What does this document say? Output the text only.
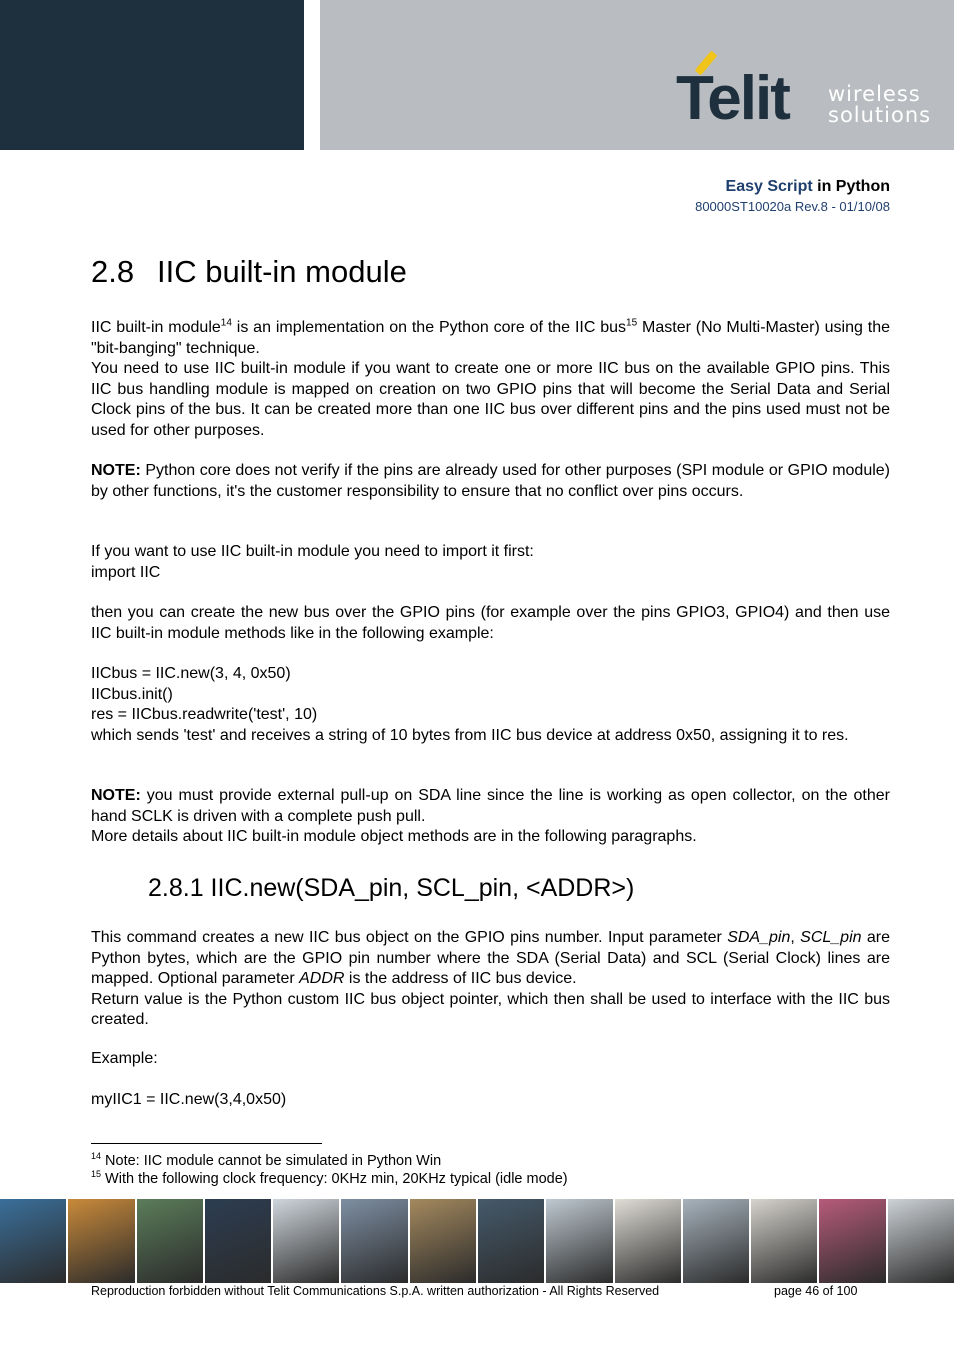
Telit wireless
solutions
Easy Script in Python
80000ST10020a Rev.8 - 01/10/08
2.8 IIC built-in module
IIC built-in module$^{14}$ is an implementation on the Python core of the IIC bus$^{15}$ Master (No Multi-Master) using the "bit-banging" technique.
You need to use IIC built-in module if you want to create one or more IIC bus on the available GPIO pins. This IIC bus handling module is mapped on creation on two GPIO pins that will become the Serial Data and Serial Clock pins of the bus. It can be created more than one IIC bus over different pins and the pins used must not be used for other purposes.
NOTE: Python core does not verify if the pins are already used for other purposes (SPI module or GPIO module) by other functions, it's the customer responsibility to ensure that no conflict over pins occurs.
If you want to use IIC built-in module you need to import it first:
import IIC
then you can create the new bus over the GPIO pins (for example over the pins GPIO3, GPIO4) and then use IIC built-in module methods like in the following example:
IICbus = IIC.new(3, 4, 0x50)
IICbus.init()
res = IICbus.readwrite('test', 10)
which sends 'test' and receives a string of 10 bytes from IIC bus device at address 0x50, assigning it to res.
NOTE: you must provide external pull-up on SDA line since the line is working as open collector, on the other hand SCLK is driven with a complete push pull.
More details about IIC built-in module object methods are in the following paragraphs.
2.8.1 IIC.new(SDA_pin, SCL_pin, <ADDR>)
This command creates a new IIC bus object on the GPIO pins number. Input parameter SDA_pin, SCL_pin are Python bytes, which are the GPIO pin number where the SDA (Serial Data) and SCL (Serial Clock) lines are mapped. Optional parameter ADDR is the address of IIC bus device.
Return value is the Python custom IIC bus object pointer, which then shall be used to interface with the IIC bus created.
Example:
myIIC1 = IIC.new(3,4,0x50)
$^{14}$ Note: IIC module cannot be simulated in Python Win
$^{15}$ With the following clock frequency: 0KHz min, 20KHz typical (idle mode)
Reproduction forbidden without Telit Communications S.p.A. written authorization - All Rights Reserved	page 46 of 100
